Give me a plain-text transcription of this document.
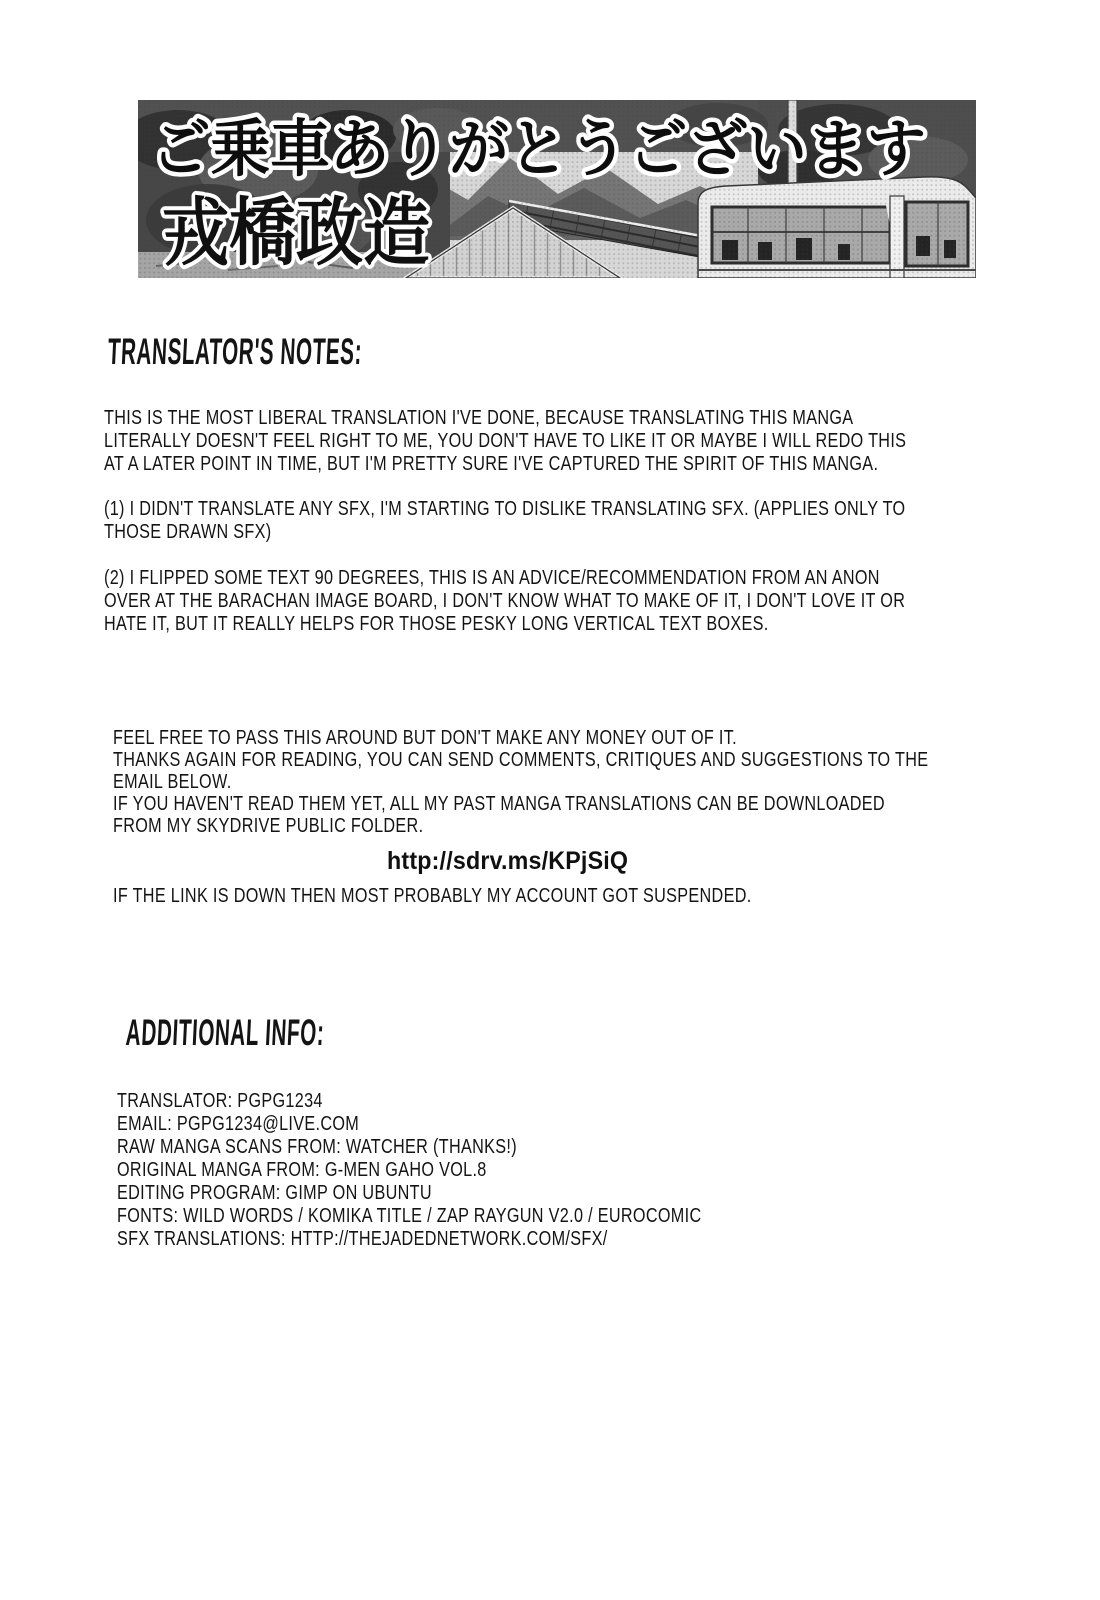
ご乗車ありがとうございます
戎橋政造
TRANSLATOR'S NOTES:
THIS IS THE MOST LIBERAL TRANSLATION I'VE DONE, BECAUSE TRANSLATING THIS MANGA
LITERALLY DOESN'T FEEL RIGHT TO ME, YOU DON'T HAVE TO LIKE IT OR MAYBE I WILL REDO THIS
AT A LATER POINT IN TIME, BUT I'M PRETTY SURE I'VE CAPTURED THE SPIRIT OF THIS MANGA.
(1) I DIDN'T TRANSLATE ANY SFX, I'M STARTING TO DISLIKE TRANSLATING SFX. (APPLIES ONLY TO
THOSE DRAWN SFX)
(2) I FLIPPED SOME TEXT 90 DEGREES, THIS IS AN ADVICE/RECOMMENDATION FROM AN ANON
OVER AT THE BARACHAN IMAGE BOARD, I DON'T KNOW WHAT TO MAKE OF IT, I DON'T LOVE IT OR
HATE IT, BUT IT REALLY HELPS FOR THOSE PESKY LONG VERTICAL TEXT BOXES.
FEEL FREE TO PASS THIS AROUND BUT DON'T MAKE ANY MONEY OUT OF IT.
THANKS AGAIN FOR READING, YOU CAN SEND COMMENTS, CRITIQUES AND SUGGESTIONS TO THE
EMAIL BELOW.
IF YOU HAVEN'T READ THEM YET, ALL MY PAST MANGA TRANSLATIONS CAN BE DOWNLOADED
FROM MY SKYDRIVE PUBLIC FOLDER.
http://sdrv.ms/KPjSiQ
IF THE LINK IS DOWN THEN MOST PROBABLY MY ACCOUNT GOT SUSPENDED.
ADDITIONAL INFO:
TRANSLATOR: PGPG1234
EMAIL: PGPG1234@LIVE.COM
RAW MANGA SCANS FROM: WATCHER (THANKS!)
ORIGINAL MANGA FROM: G-MEN GAHO VOL.8
EDITING PROGRAM: GIMP ON UBUNTU
FONTS: WILD WORDS / KOMIKA TITLE / ZAP RAYGUN V2.0 / EUROCOMIC
SFX TRANSLATIONS: HTTP://THEJADEDNETWORK.COM/SFX/
